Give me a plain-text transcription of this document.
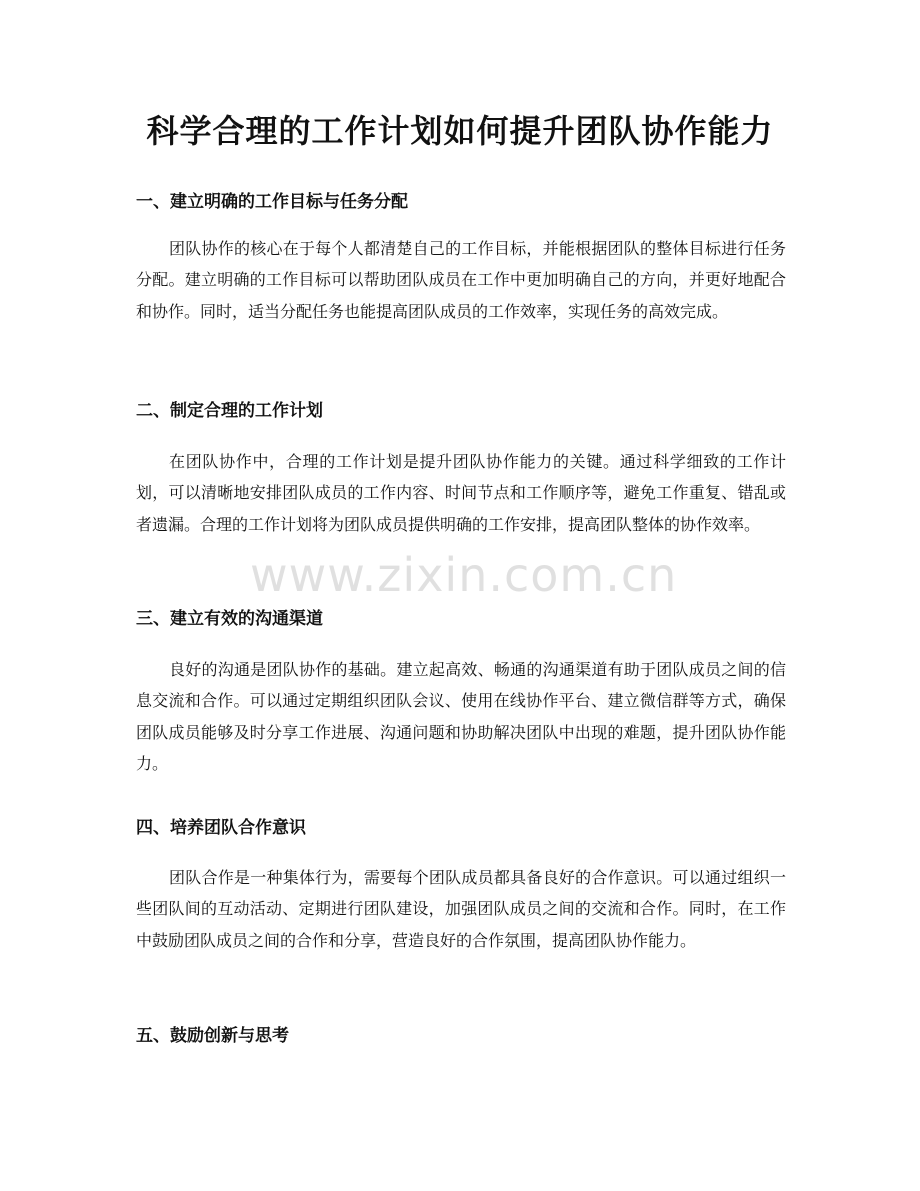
科学合理的工作计划如何提升团队协作能力
一、建立明确的工作目标与任务分配

团队协作的核心在于每个人都清楚自己的工作目标，并能根据团队的整体目标进行任务分配。建立明确的工作目标可以帮助团队成员在工作中更加明确自己的方向，并更好地配合和协作。同时，适当分配任务也能提高团队成员的工作效率，实现任务的高效完成。

二、制定合理的工作计划

在团队协作中，合理的工作计划是提升团队协作能力的关键。通过科学细致的工作计划，可以清晰地安排团队成员的工作内容、时间节点和工作顺序等，避免工作重复、错乱或者遗漏。合理的工作计划将为团队成员提供明确的工作安排，提高团队整体的协作效率。

三、建立有效的沟通渠道

良好的沟通是团队协作的基础。建立起高效、畅通的沟通渠道有助于团队成员之间的信息交流和合作。可以通过定期组织团队会议、使用在线协作平台、建立微信群等方式，确保团队成员能够及时分享工作进展、沟通问题和协助解决团队中出现的难题，提升团队协作能力。

四、培养团队合作意识

团队合作是一种集体行为，需要每个团队成员都具备良好的合作意识。可以通过组织一些团队间的互动活动、定期进行团队建设，加强团队成员之间的交流和合作。同时，在工作中鼓励团队成员之间的合作和分享，营造良好的合作氛围，提高团队协作能力。

五、鼓励创新与思考
www.zixin.com.cn
